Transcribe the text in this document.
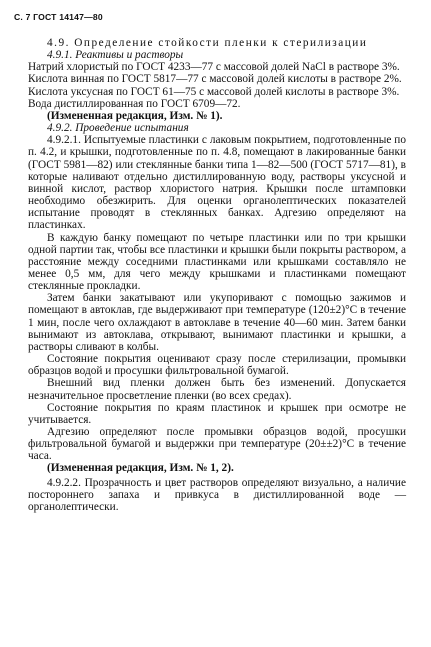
С. 7 ГОСТ 14147—80

4.9. Определение стойкости пленки к стерилизации

4.9.1. Реактивы и растворы

Натрий хлористый по ГОСТ 4233—77 с массовой долей NaCl в растворе 3%.

Кислота винная по ГОСТ 5817—77 с массовой долей кислоты в растворе 2%.

Кислота уксусная по ГОСТ 61—75 с массовой долей кислоты в растворе 3%.

Вода дистиллированная по ГОСТ 6709—72.

(Измененная редакция, Изм. № 1).

4.9.2. Проведение испытания

4.9.2.1. Испытуемые пластинки с лаковым покрытием, подготовленные по п. 4.2, и крышки, подготовленные по п. 4.8, помещают в лакированные банки (ГОСТ 5981—82) или стеклянные банки типа 1—82—500 (ГОСТ 5717—81), в которые наливают отдельно дистиллированную воду, растворы уксусной и винной кислот, раствор хлористого натрия. Крышки после штамповки необходимо обезжирить. Для оценки органолептических показателей испытание проводят в стеклянных банках. Адгезию определяют на пластинках.

В каждую банку помещают по четыре пластинки или по три крышки одной партии так, чтобы все пластинки и крышки были покрыты раствором, а расстояние между соседними пластинками или крышками составляло не менее 0,5 мм, для чего между крышками и пластинками помещают стеклянные прокладки.

Затем банки закатывают или укупоривают с помощью зажимов и помещают в автоклав, где выдерживают при температуре (120±2)°С в течение 1 мин, после чего охлаждают в автоклаве в течение 40—60 мин. Затем банки вынимают из автоклава, открывают, вынимают пластинки и крышки, а растворы сливают в колбы.

Состояние покрытия оценивают сразу после стерилизации, промывки образцов водой и просушки фильтровальной бумагой.

Внешний вид пленки должен быть без изменений. Допускается незначительное просветление пленки (во всех средах).

Состояние покрытия по краям пластинок и крышек при осмотре не учитывается.

Адгезию определяют после промывки образцов водой, просушки фильтровальной бумагой и выдержки при температуре (20±±2)°С в течение часа.

(Измененная редакция, Изм. № 1, 2).

4.9.2.2. Прозрачность и цвет растворов определяют визуально, а наличие постороннего запаха и привкуса в дистиллированной воде — органолептически.
